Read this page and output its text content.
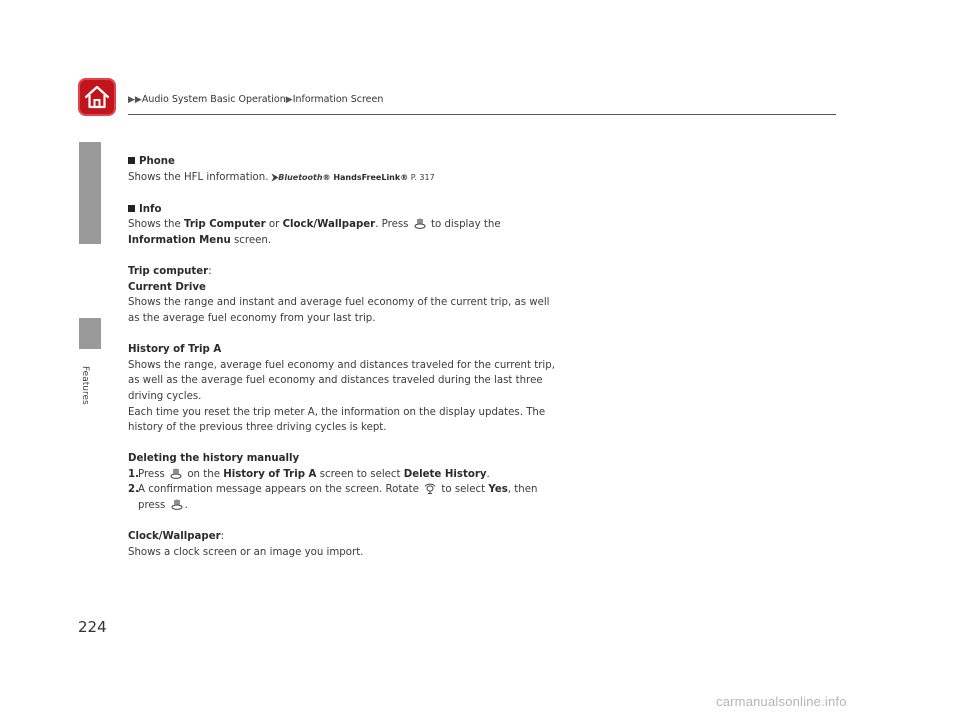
▶▶Audio System Basic Operation▶Information Screen
Features

Phone

Shows the HFL information. ⮞Bluetooth® HandsFreeLink® P. 317

Info

Shows the Trip Computer or Clock/Wallpaper. Press to display the

Information Menu screen.

Trip computer:

Current Drive

Shows the range and instant and average fuel economy of the current trip, as well

as the average fuel economy from your last trip.

History of Trip A

Shows the range, average fuel economy and distances traveled for the current trip,

as well as the average fuel economy and distances traveled during the last three

driving cycles.

Each time you reset the trip meter A, the information on the display updates. The

history of the previous three driving cycles is kept.

Deleting the history manually

1.Press on the History of Trip A screen to select Delete History.

2.A confirmation message appears on the screen. Rotate to select Yes, then

press .

Clock/Wallpaper:

Shows a clock screen or an image you import.

224
carmanualsonline.info
